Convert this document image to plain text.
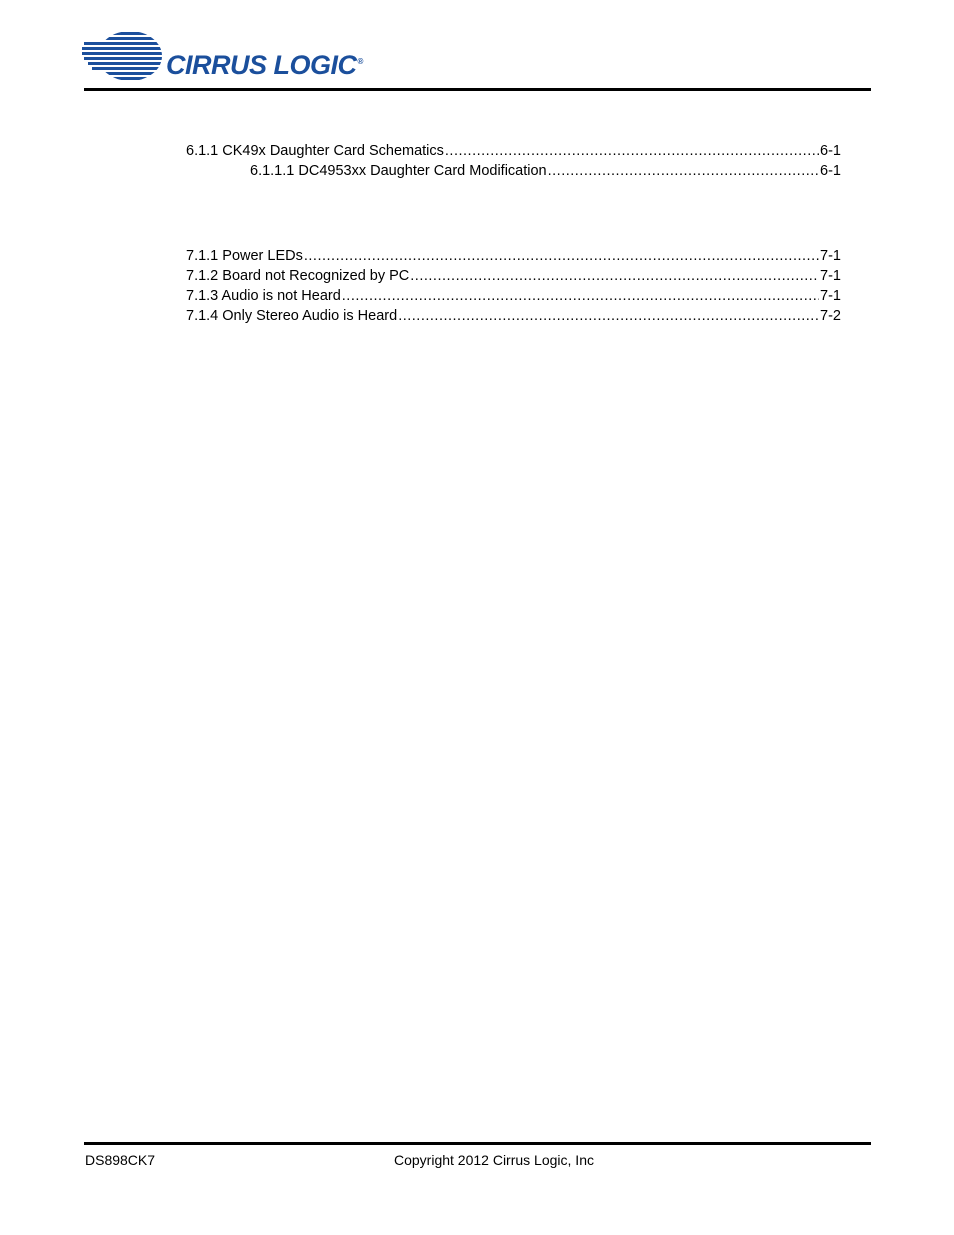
CIRRUS LOGIC®
6.1.1 CK49x Daughter Card Schematics .....	6-1
6.1.1.1 DC4953xx Daughter Card Modification .....	6-1
7.1.1 Power LEDs .....	7-1
7.1.2 Board not Recognized by PC .....	7-1
7.1.3 Audio is not Heard .....	7-1
7.1.4 Only Stereo Audio is Heard .....	7-2
DS898CK7	Copyright 2012 Cirrus Logic, Inc
